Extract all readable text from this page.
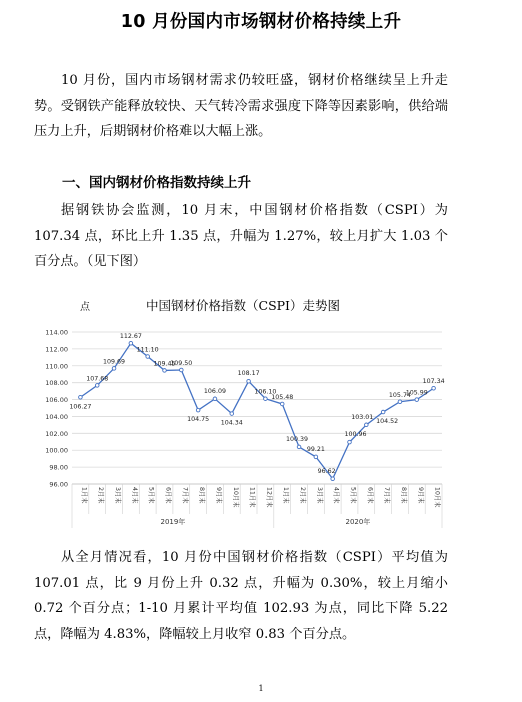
10 月份国内市场钢材价格持续上升
10 月份，国内市场钢材需求仍较旺盛，钢材价格继续呈上升走势。受钢铁产能释放较快、天气转冷需求强度下降等因素影响，供给端压力上升，后期钢材价格难以大幅上涨。
一、国内钢材价格指数持续上升
据钢铁协会监测，10 月末，中国钢材价格指数（CSPI）为 107.34 点，环比上升 1.35 点，升幅为 1.27%，较上月扩大 1.03 个百分点。（见下图）
点	中国钢材价格指数（CSPI）走势图
96.00
98.00
100.00
102.00
104.00
106.00
108.00
110.00
112.00
114.00
106.27
107.68
109.69
112.67
111.10
109.45
109.50
104.75
106.09
104.34
108.17
106.10
105.48
100.39
99.21
96.62
100.96
103.01
104.52
105.74
105.99
107.34
1月末	2月末	3月末	4月末	5月末	6月末	7月末	8月末	9月末	10月末	11月末	12月末	1月末	2月末	3月末	4月末	5月末	6月末	7月末	8月末	9月末	10月末
2019年	2020年
从全月情况看，10 月份中国钢材价格指数（CSPI）平均值为 107.01 点，比 9 月份上升 0.32 点，升幅为 0.30%，较上月缩小 0.72 个百分点；1-10 月累计平均值 102.93 为点，同比下降 5.22 点，降幅为 4.83%，降幅较上月收窄 0.83 个百分点。
1
